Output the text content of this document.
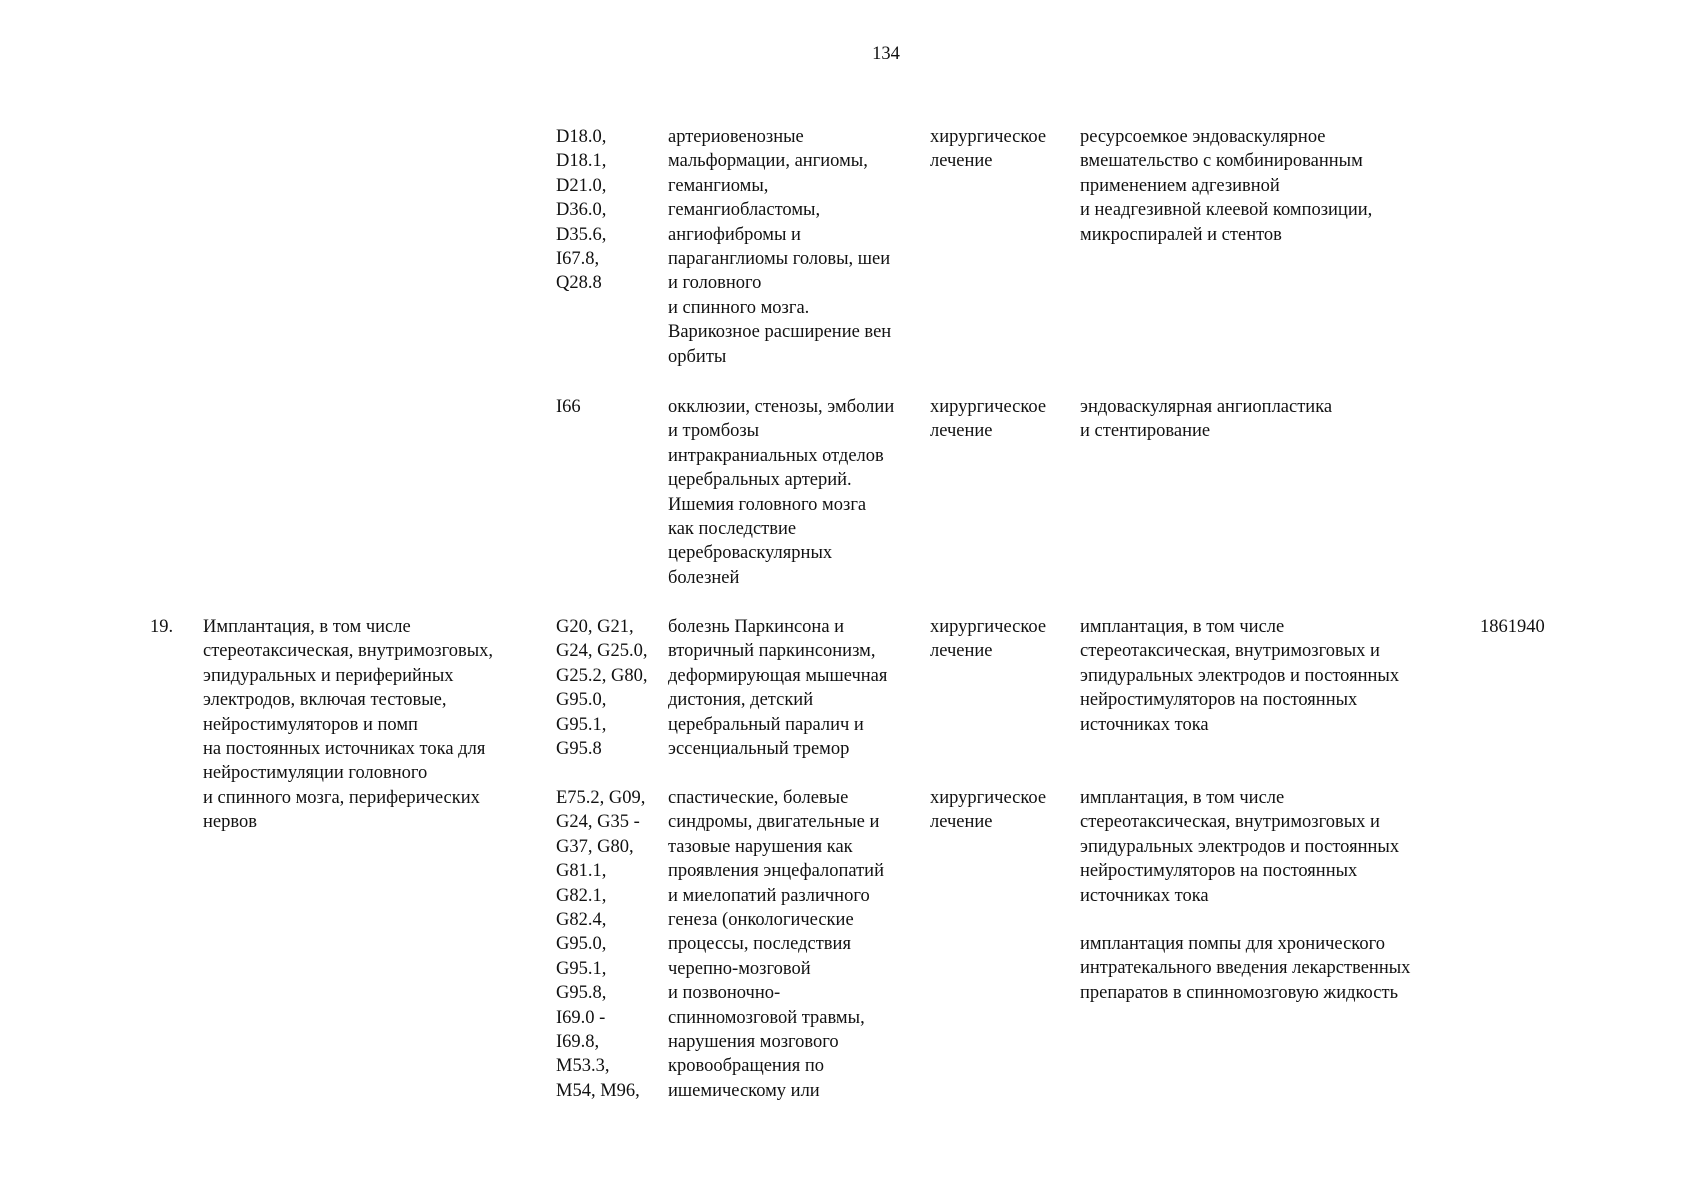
134
D18.0,
D18.1,
D21.0,
D36.0,
D35.6,
I67.8,
Q28.8
артериовенозные
мальформации, ангиомы,
гемангиомы,
гемангиобластомы,
ангиофибромы и
параганглиомы головы, шеи
и головного
и спинного мозга.
Варикозное расширение вен
орбиты
хирургическое
лечение
ресурсоемкое эндоваскулярное
вмешательство с комбинированным
применением адгезивной
и неадгезивной клеевой композиции,
микроспиралей и стентов
I66	окклюзии, стенозы, эмболии
и тромбозы
интракраниальных отделов
церебральных артерий.
Ишемия головного мозга
как последствие
цереброваскулярных
болезней
хирургическое
лечение
эндоваскулярная ангиопластика
и стентирование
19.	Имплантация, в том числе
стереотаксическая, внутримозговых,
эпидуральных и периферийных
электродов, включая тестовые,
нейростимуляторов и помп
на постоянных источниках тока для
нейростимуляции головного
и спинного мозга, периферических
нервов
G20, G21,
G24, G25.0,
G25.2, G80,
G95.0,
G95.1,
G95.8
болезнь Паркинсона и
вторичный паркинсонизм,
деформирующая мышечная
дистония, детский
церебральный паралич и
эссенциальный тремор
хирургическое
лечение
имплантация, в том числе
стереотаксическая, внутримозговых и
эпидуральных электродов и постоянных
нейростимуляторов на постоянных
источниках тока
1861940
E75.2, G09,
G24, G35 -
G37, G80,
G81.1,
G82.1,
G82.4,
G95.0,
G95.1,
G95.8,
I69.0 -
I69.8,
M53.3,
M54, M96,
спастические, болевые
синдромы, двигательные и
тазовые нарушения как
проявления энцефалопатий
и миелопатий различного
генеза (онкологические
процессы, последствия
черепно-мозговой
и позвоночно-
спинномозговой травмы,
нарушения мозгового
кровообращения по
ишемическому или
хирургическое
лечение
имплантация, в том числе
стереотаксическая, внутримозговых и
эпидуральных электродов и постоянных
нейростимуляторов на постоянных
источниках тока
имплантация помпы для хронического
интратекального введения лекарственных
препаратов в спинномозговую жидкость
